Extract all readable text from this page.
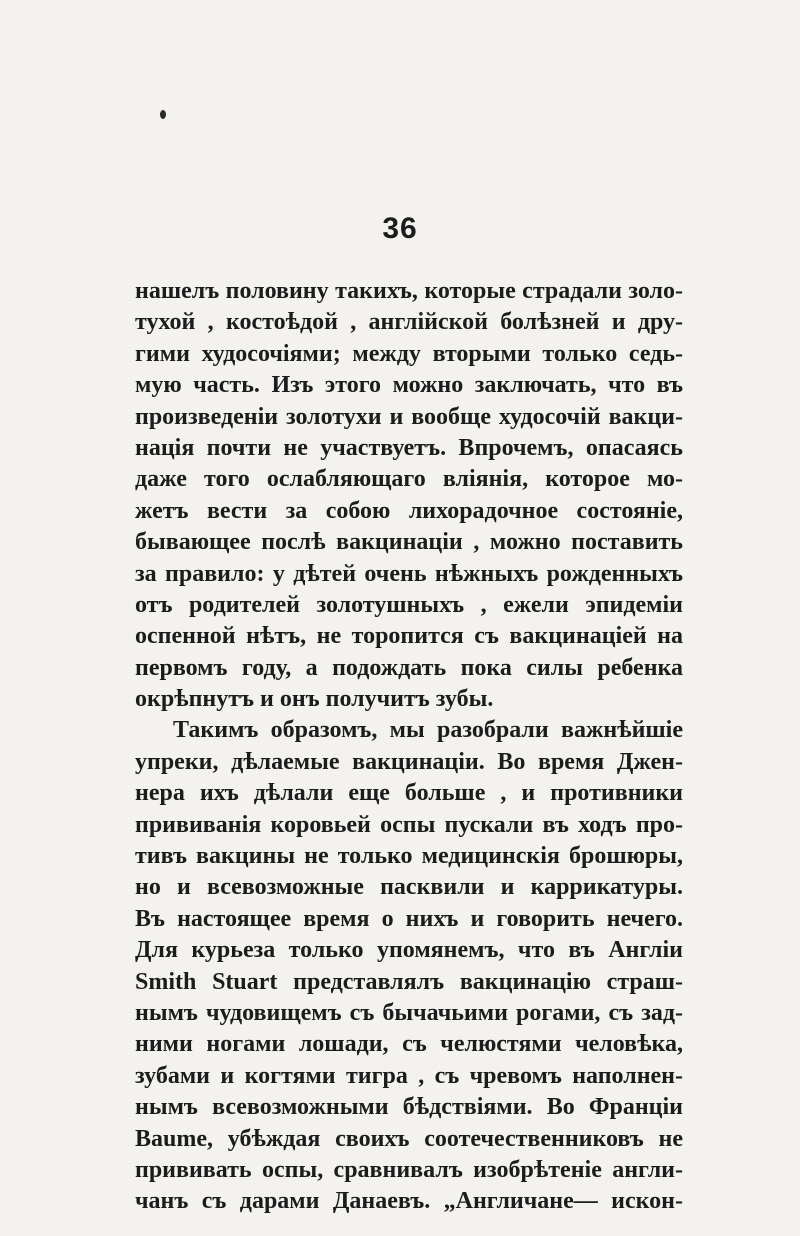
36
нашелъ половину такихъ, которые страдали золо-
тухой , костоѣдой , англійской болѣзней и дру-
гими худосочіями; между вторыми только седь-
мую часть. Изъ этого можно заключать, что въ
произведеніи золотухи и вообще худосочій вакци-
нація почти не участвуетъ. Впрочемъ, опасаясь
даже того ослабляющаго вліянія, которое мо-
жетъ вести за собою лихорадочное состояніе,
бывающее послѣ вакцинаціи , можно поставить
за правило: у дѣтей очень нѣжныхъ рожденныхъ
отъ родителей золотушныхъ , ежели эпидеміи
оспенной нѣтъ, не торопится съ вакцинаціей на
первомъ году, а подождать пока силы ребенка
окрѣпнутъ и онъ получитъ зубы.
Такимъ образомъ, мы разобрали важнѣйшіе
упреки, дѣлаемые вакцинаціи. Во время Джен-
нера ихъ дѣлали еще больше , и противники
прививанія коровьей оспы пускали въ ходъ про-
тивъ вакцины не только медицинскія брошюры,
но и всевозможные пасквили и каррикатуры.
Въ настоящее время о нихъ и говорить нечего.
Для курьеза только упомянемъ, что въ Англіи
Smith Stuart представлялъ вакцинацію страш-
нымъ чудовищемъ съ бычачьими рогами, съ зад-
ними ногами лошади, съ челюстями человѣка,
зубами и когтями тигра , съ чревомъ наполнен-
нымъ всевозможными бѣдствіями. Во Франціи
Baume, убѣждая своихъ соотечественниковъ не
прививать оспы, сравнивалъ изобрѣтеніе англи-
чанъ съ дарами Данаевъ. „Англичане— искон-
